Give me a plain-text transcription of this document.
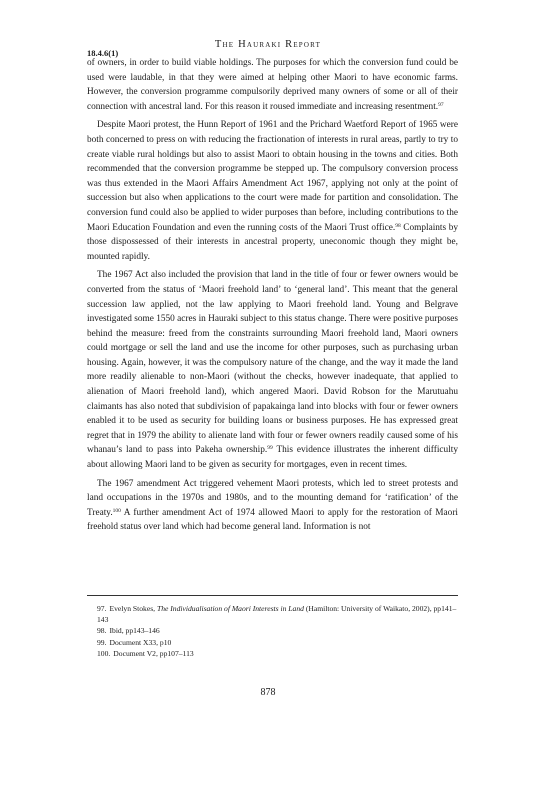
The Hauraki Report
18.4.6(1)

of owners, in order to build viable holdings. The purposes for which the conversion fund could be used were laudable, in that they were aimed at helping other Maori to have economic farms. However, the conversion programme compulsorily deprived many owners of some or all of their connection with ancestral land. For this reason it roused immediate and increasing resentment.$^{97}$

Despite Maori protest, the Hunn Report of 1961 and the Prichard Waetford Report of 1965 were both concerned to press on with reducing the fractionation of interests in rural areas, partly to try to create viable rural holdings but also to assist Maori to obtain housing in the towns and cities. Both recommended that the conversion programme be stepped up. The compulsory conversion process was thus extended in the Maori Affairs Amendment Act 1967, applying not only at the point of succession but also when applications to the court were made for partition and consolidation. The conversion fund could also be applied to wider purposes than before, including contributions to the Maori Education Foundation and even the running costs of the Maori Trust office.$^{98}$ Complaints by those dispossessed of their interests in ancestral property, uneconomic though they might be, mounted rapidly.

The 1967 Act also included the provision that land in the title of four or fewer owners would be converted from the status of ‘Maori freehold land’ to ‘general land’. This meant that the general succession law applied, not the law applying to Maori freehold land. Young and Belgrave investigated some 1550 acres in Hauraki subject to this status change. There were positive purposes behind the measure: freed from the constraints surrounding Maori freehold land, Maori owners could mortgage or sell the land and use the income for other purposes, such as purchasing urban housing. Again, however, it was the compulsory nature of the change, and the way it made the land more readily alienable to non-Maori (without the checks, however inadequate, that applied to alienation of Maori freehold land), which angered Maori. David Robson for the Marutuahu claimants has also noted that subdivision of papakainga land into blocks with four or fewer owners enabled it to be used as security for building loans or business purposes. He has expressed great regret that in 1979 the ability to alienate land with four or fewer owners readily caused some of his whanau’s land to pass into Pakeha ownership.$^{99}$ This evidence illustrates the inherent difficulty about allowing Maori land to be given as security for mortgages, even in recent times.

The 1967 amendment Act triggered vehement Maori protests, which led to street protests and land occupations in the 1970s and 1980s, and to the mounting demand for ‘ratification’ of the Treaty.$^{100}$ A further amendment Act of 1974 allowed Maori to apply for the restoration of Maori freehold status over land which had become general land. Information is not

97. Evelyn Stokes, The Individualisation of Maori Interests in Land (Hamilton: University of Waikato, 2002), pp141–143

98. Ibid, pp143–146

99. Document X33, p10

100. Document V2, pp107–113

878
